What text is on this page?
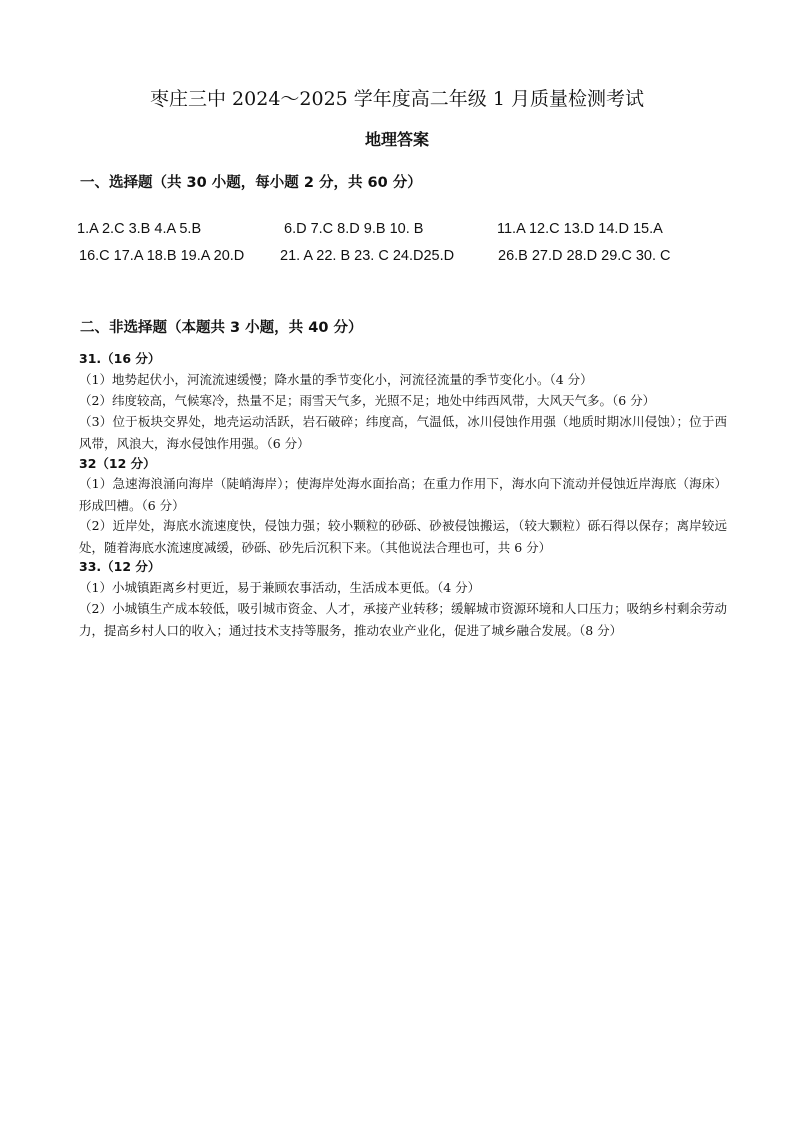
枣庄三中 2024～2025 学年度高二年级 1 月质量检测考试
地理答案
一、选择题（共 30 小题，每小题 2 分，共 60 分）
1.A 2.C 3.B 4.A 5.B	6.D 7.C 8.D 9.B 10. B	11.A 12.C 13.D 14.D 15.A
16.C 17.A 18.B 19.A 20.D 21. A 22. B 23. C 24.D25.D	26.B 27.D 28.D 29.C 30. C
二、非选择题（本题共 3 小题，共 40 分）
31.（16 分）
（1）地势起伏小，河流流速缓慢；降水量的季节变化小，河流径流量的季节变化小。（4 分）
（2）纬度较高，气候寒冷，热量不足；雨雪天气多，光照不足；地处中纬西风带，大风天气多。（6 分）
（3）位于板块交界处，地壳运动活跃，岩石破碎；纬度高，气温低，冰川侵蚀作用强（地质时期冰川侵蚀）；位于西风带，风浪大，海水侵蚀作用强。（6 分）
32（12 分）
（1）急速海浪涌向海岸（陡峭海岸）；使海岸处海水面抬高；在重力作用下，海水向下流动并侵蚀近岸海底（海床）形成凹槽。（6 分）
（2）近岸处，海底水流速度快，侵蚀力强；较小颗粒的砂砾、砂被侵蚀搬运，（较大颗粒）砾石得以保存；离岸较远处，随着海底水流速度减缓，砂砾、砂先后沉积下来。（其他说法合理也可，共 6 分）
33.（12 分）
（1）小城镇距离乡村更近，易于兼顾农事活动，生活成本更低。（4 分）
（2）小城镇生产成本较低，吸引城市资金、人才，承接产业转移；缓解城市资源环境和人口压力；吸纳乡村剩余劳动力，提高乡村人口的收入；通过技术支持等服务，推动农业产业化，促进了城乡融合发展。（8 分）
